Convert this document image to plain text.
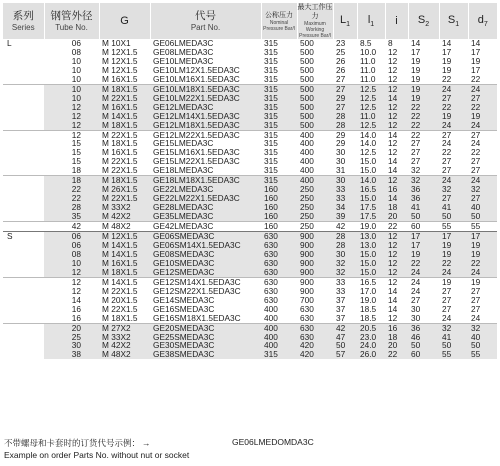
系列
Series	钢管外径
Tube No.	G	代号
Part No.	公称压力
Nominal Pressure Bar/l	最大工作压力
Maximum Working Pressure Bar/l	$L_1$	$l_1$	i	$S_2$	$S_1$	$d_7$
L	06	M 10X1	GE06LMEDA3C	315	500	23	8.5	8	14	14	14
	08	M 12X1.5	GE08LMEDA3C	315	500	25	10.0	12	17	17	17
	10	M 12X1.5	GE10LMEDA3C	315	500	26	11.0	12	19	19	19
	10	M 12X1.5	GE10LM12X1.5EDA3C	315	500	26	11.0	12	19	19	17
	10	M 16X1.5	GE10LM16X1.5EDA3C	315	500	27	11.0	12	19	22	22
	10	M 18X1.5	GE10LM18X1.5EDA3C	315	500	27	12.5	12	19	24	24
	10	M 22X1.5	GE10LM22X1.5EDA3C	315	500	29	12.5	14	19	27	27
	12	M 16X1.5	GE12LMEDA3C	315	500	27	12.5	12	22	22	22
	12	M 14X1.5	GE12LM14X1.5EDA3C	315	500	28	11.0	12	22	19	19
	12	M 18X1.5	GE12LM18X1.5EDA3C	315	500	28	12.5	12	22	24	24
	12	M 22X1.5	GE12LM22X1.5EDA3C	315	400	29	14.0	14	22	27	27
	15	M 18X1.5	GE15LMEDA3C	315	400	29	14.0	12	27	24	24
	15	M 16X1.5	GE15LM16X1.5EDA3C	315	400	30	12.5	12	27	22	22
	15	M 22X1.5	GE15LM22X1.5EDA3C	315	400	30	15.0	14	27	27	27
	18	M 22X1.5	GE18LMEDA3C	315	400	31	15.0	14	32	27	27
	18	M 18X1.5	GE18LM18X1.5EDA3C	315	400	30	14.0	12	32	24	24
	22	M 26X1.5	GE22LMEDA3C	160	250	33	16.5	16	36	32	32
	22	M 22X1.5	GE22LM22X1.5EDA3C	160	250	33	15.0	14	36	27	27
	28	M 33X2	GE28LMEDA3C	160	250	34	17.5	18	41	41	40
	35	M 42X2	GE35LMEDA3C	160	250	39	17.5	20	50	50	50
	42	M 48X2	GE42LMEDA3C	160	250	42	19.0	22	60	55	55
S	06	M 12X1.5	GE06SMEDA3C	630	900	28	13.0	12	17	17	17
	06	M 14X1.5	GE06SM14X1.5EDA3C	630	900	28	13.0	12	17	19	19
	08	M 14X1.5	GE08SMEDA3C	630	900	30	15.0	12	19	19	19
	10	M 16X1.5	GE10SMEDA3C	630	900	32	15.0	12	22	22	22
	12	M 18X1.5	GE12SMEDA3C	630	900	32	15.0	12	24	24	24
	12	M 14X1.5	GE12SM14X1.5EDA3C	630	900	33	16.5	12	24	19	19
	12	M 22X1.5	GE12SM22X1.5EDA3C	630	900	33	17.0	14	24	27	27
	14	M 20X1.5	GE14SMEDA3C	630	700	37	19.0	14	27	27	27
	16	M 22X1.5	GE16SMEDA3C	400	630	37	18.5	14	30	27	27
	16	M 18X1.5	GE16SM18X1.5EDA3C	400	630	37	18.5	12	30	24	24
	20	M 27X2	GE20SMEDA3C	400	630	42	20.5	16	36	32	32
	25	M 33X2	GE25SMEDA3C	400	630	47	23.0	18	46	41	40
	30	M 42X2	GE30SMEDA3C	400	420	50	24.0	20	50	50	50
	38	M 48X2	GE38SMEDA3C	315	420	57	26.0	22	60	55	55
不带螺母和卡套时的订货代号示例： →	GE06LMEDOMDA3C
Example on order Parts No. without nut or socket
